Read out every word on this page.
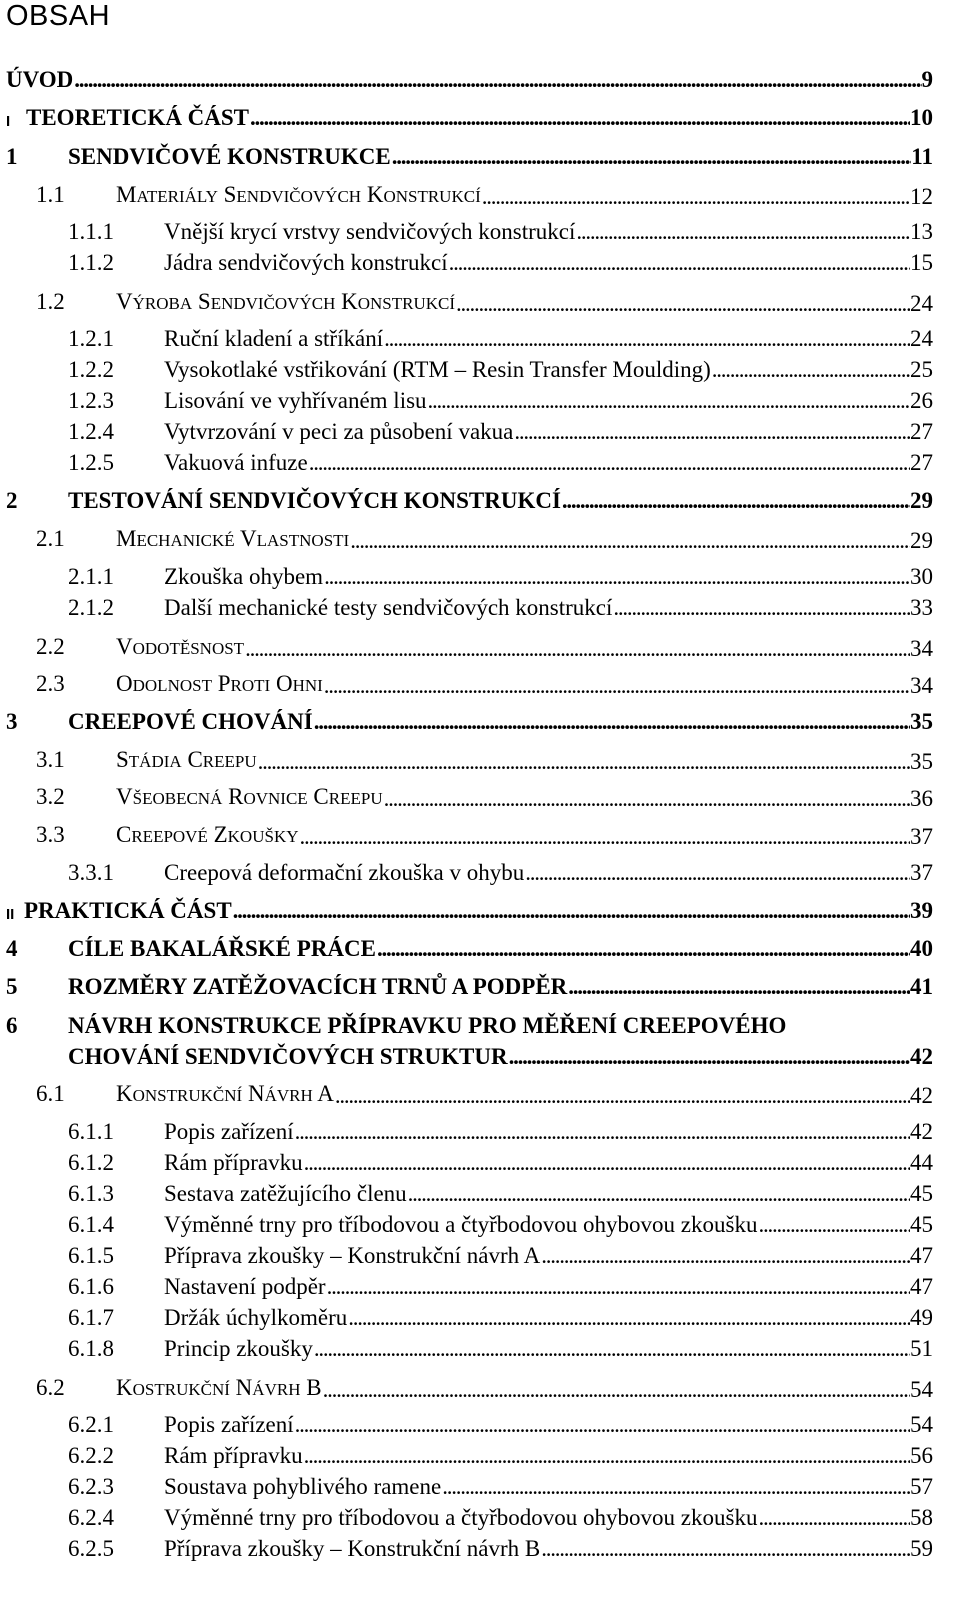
OBSAH
ÚVOD . . .	9
I TEORETICKÁ ČÁST . . .	10
1 SENDVIČOVÉ KONSTRUKCE . . .	11
1.1 MATERIÁLY SENDVIČOVÝCH KONSTRUKCÍ . . .	12
1.1.1 Vnější krycí vrstvy sendvičových konstrukcí . . .	13
1.1.2 Jádra sendvičových konstrukcí . . .	15
1.2 VÝROBA SENDVIČOVÝCH KONSTRUKCÍ . . .	24
1.2.1 Ruční kladení a stříkání . . .	24
1.2.2 Vysokotlaké vstřikování (RTM – Resin Transfer Moulding) . . .	25
1.2.3 Lisování ve vyhřívaném lisu . . .	26
1.2.4 Vytvrzování v peci za působení vakua . . .	27
1.2.5 Vakuová infuze . . .	27
2 TESTOVÁNÍ SENDVIČOVÝCH KONSTRUKCÍ . . .	29
2.1 MECHANICKÉ VLASTNOSTI . . .	29
2.1.1 Zkouška ohybem . . .	30
2.1.2 Další mechanické testy sendvičových konstrukcí . . .	33
2.2 VODOTĚSNOST . . .	34
2.3 ODOLNOST PROTI OHNI . . .	34
3 CREEPOVÉ CHOVÁNÍ . . .	35
3.1 STÁDIA CREEPU . . .	35
3.2 VŠEOBECNÁ ROVNICE CREEPU . . .	36
3.3 CREEPOVÉ ZKOUŠKY . . .	37
3.3.1 Creepová deformační zkouška v ohybu . . .	37
II PRAKTICKÁ ČÁST . . .	39
4 CÍLE BAKALÁŘSKÉ PRÁCE . . .	40
5 ROZMĚRY ZATĚŽOVACÍCH TRNŮ A PODPĚR . . .	41
6 NÁVRH KONSTRUKCE PŘÍPRAVKU PRO MĚŘENÍ CREEPOVÉHO
CHOVÁNÍ SENDVIČOVÝCH STRUKTUR . . .	42
6.1 KONSTRUKČNÍ NÁVRH A . . .	42
6.1.1 Popis zařízení . . .	42
6.1.2 Rám přípravku . . .	44
6.1.3 Sestava zatěžujícího členu . . .	45
6.1.4 Výměnné trny pro tříbodovou a čtyřbodovou ohybovou zkoušku . . .	45
6.1.5 Příprava zkoušky – Konstrukční návrh A . . .	47
6.1.6 Nastavení podpěr . . .	47
6.1.7 Držák úchylkoměru . . .	49
6.1.8 Princip zkoušky . . .	51
6.2 KOSTRUKČNÍ NÁVRH B . . .	54
6.2.1 Popis zařízení . . .	54
6.2.2 Rám přípravku . . .	56
6.2.3 Soustava pohyblivého ramene . . .	57
6.2.4 Výměnné trny pro tříbodovou a čtyřbodovou ohybovou zkoušku . . .	58
6.2.5 Příprava zkoušky – Konstrukční návrh B . . .	59
